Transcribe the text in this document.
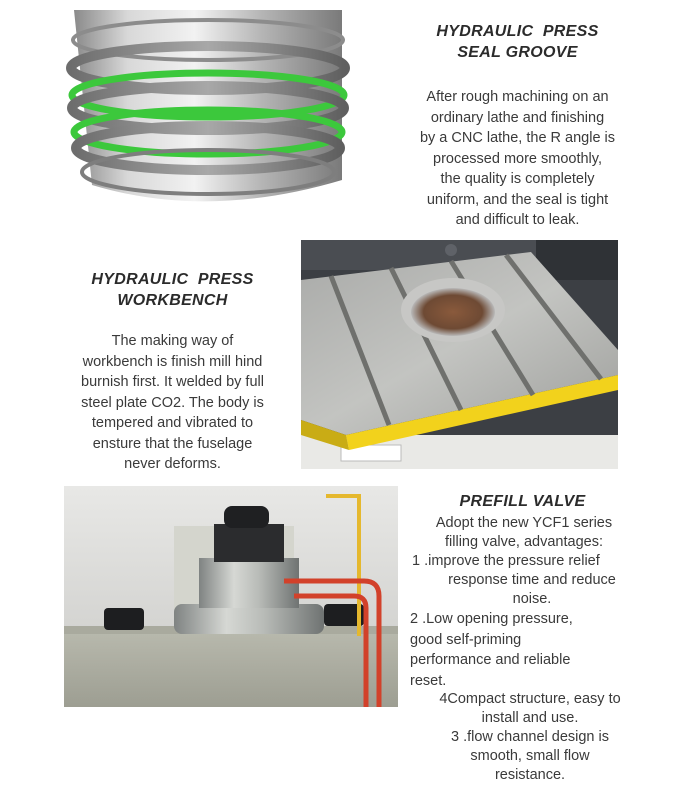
HYDRAULIC  PRESS
SEAL GROOVE
After rough machining on an
ordinary lathe and finishing
by a CNC lathe, the R angle is
processed more smoothly,
the quality is completely
uniform, and the seal is tight
and difficult to leak.
HYDRAULIC  PRESS
WORKBENCH
The making way of
workbench is finish mill hind
burnish first. It welded by full
steel plate CO2. The body is
tempered and vibrated to
ensture that the fuselage
never deforms.
PREFILL VALVE
Adopt the new YCF1 series
filling valve, advantages:
1 .improve the pressure relief
response time and reduce
noise.
2 .Low opening pressure,
good self-priming
performance and reliable
reset.
4Compact structure, easy to
install and use.
3 .flow channel design is
smooth, small flow
resistance.
